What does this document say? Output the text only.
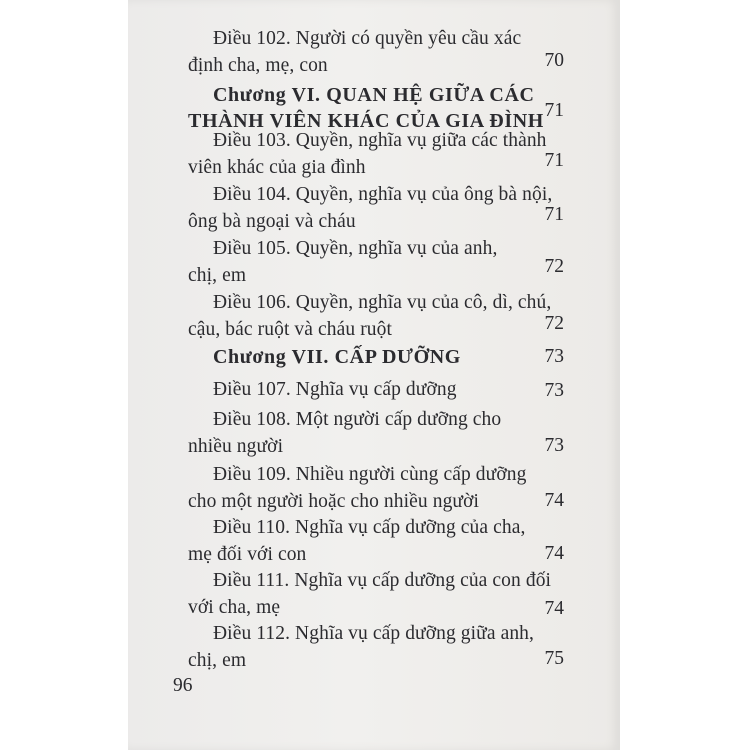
Điều 102. Người có quyền yêu cầu xác
định cha, mẹ, con	70
Chương VI. QUAN HỆ GIỮA CÁC
THÀNH VIÊN KHÁC CỦA GIA ĐÌNH 71
Điều 103. Quyền, nghĩa vụ giữa các thành
viên khác của gia đình	71
Điều 104. Quyền, nghĩa vụ của ông bà nội,
ông bà ngoại và cháu	71
Điều 105. Quyền, nghĩa vụ của anh,
chị, em	72
Điều 106. Quyền, nghĩa vụ của cô, dì, chú,
cậu, bác ruột và cháu ruột	72
Chương VII. CẤP DƯỠNG	73
Điều 107. Nghĩa vụ cấp dưỡng	73
Điều 108. Một người cấp dưỡng cho
nhiều người	73
Điều 109. Nhiều người cùng cấp dưỡng
cho một người hoặc cho nhiều người	74
Điều 110. Nghĩa vụ cấp dưỡng của cha,
mẹ đối với con	74
Điều 111. Nghĩa vụ cấp dưỡng của con đối
với cha, mẹ	74
Điều 112. Nghĩa vụ cấp dưỡng giữa anh,
chị, em	75
96
